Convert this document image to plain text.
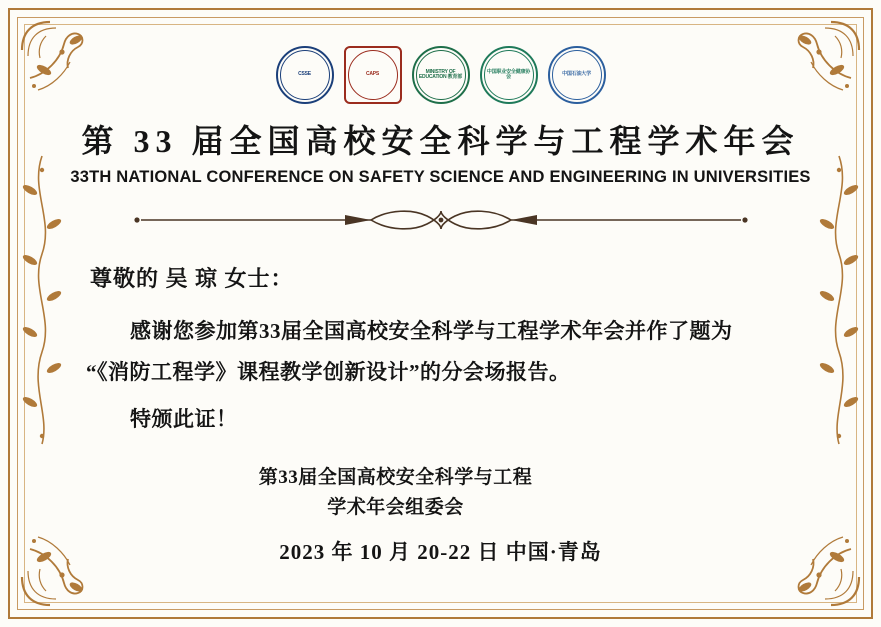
CSSE	CAPS	MINISTRY OF EDUCATION 教育部
中国职业安全健康协会	中国石油大学
第 33 届全国高校安全科学与工程学术年会
33TH NATIONAL CONFERENCE ON SAFETY SCIENCE AND ENGINEERING IN UNIVERSITIES
尊敬的 吴 琼 女士：
感谢您参加第33届全国高校安全科学与工程学术年会并作了题为
“《消防工程学》课程教学创新设计”的分会场报告。
特颁此证！
第33届全国高校安全科学与工程
学术年会组委会
2023 年 10 月 20-22 日 中国·青岛
